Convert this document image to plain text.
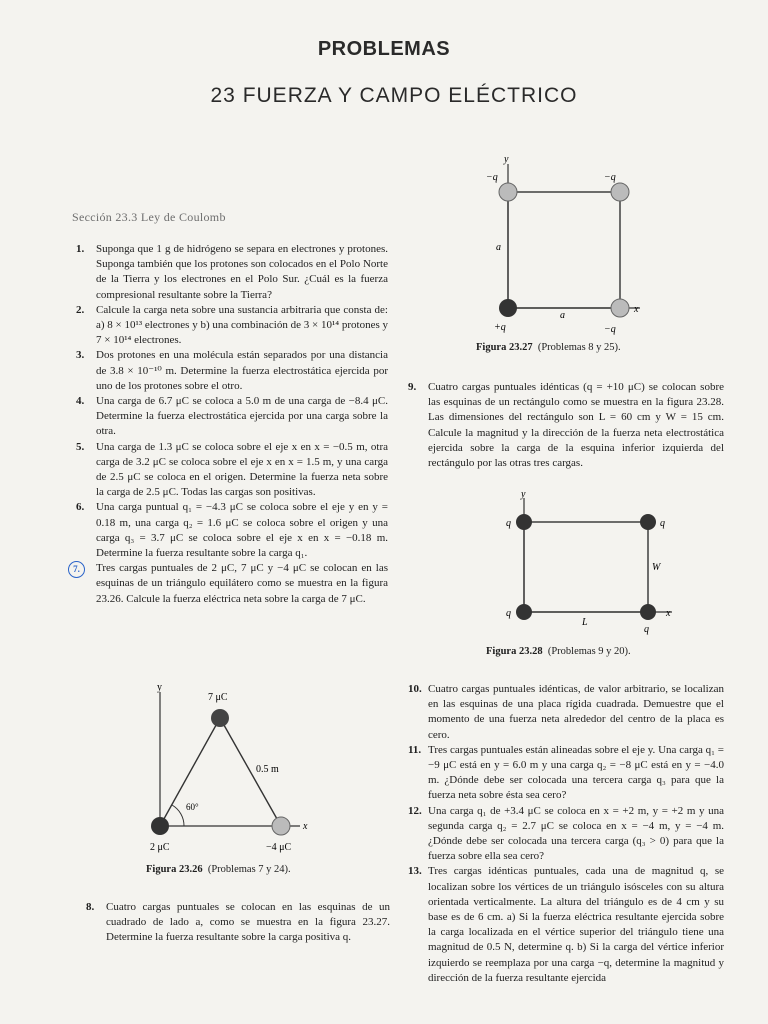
PROBLEMAS
23 FUERZA Y CAMPO ELÉCTRICO
Sección 23.3 Ley de Coulomb
1.	Suponga que 1 g de hidrógeno se separa en electrones y protones. Suponga también que los protones son colocados en el Polo Norte de la Tierra y los electrones en el Polo Sur. ¿Cuál es la fuerza compresional resultante sobre la Tierra?
2.	Calcule la carga neta sobre una sustancia arbitraria que consta de: a) 8 × 10¹³ electrones y b) una combinación de 3 × 10¹⁴ protones y 7 × 10¹⁴ electrones.
3.	Dos protones en una molécula están separados por una distancia de 3.8 × 10⁻¹⁰ m. Determine la fuerza electrostática ejercida por uno de los protones sobre el otro.
4.	Una carga de 6.7 μC se coloca a 5.0 m de una carga de −8.4 μC. Determine la fuerza electrostática ejercida por una carga sobre la otra.
5.	Una carga de 1.3 μC se coloca sobre el eje x en x = −0.5 m, otra carga de 3.2 μC se coloca sobre el eje x en x = 1.5 m, y una carga de 2.5 μC se coloca en el origen. Determine la fuerza neta sobre la carga de 2.5 μC. Todas las cargas son positivas.
6.	Una carga puntual q₁ = −4.3 μC se coloca sobre el eje y en y = 0.18 m, una carga q₂ = 1.6 μC se coloca sobre el origen y una carga q₃ = 3.7 μC se coloca sobre el eje x en x = −0.18 m. Determine la fuerza resultante sobre la carga q₁.
7.	Tres cargas puntuales de 2 μC, 7 μC y −4 μC se colocan en las esquinas de un triángulo equilátero como se muestra en la figura 23.26. Calcule la fuerza eléctrica neta sobre la carga de 7 μC.
y
x
7 μC
2 μC	−4 μC
0.5 m
60°
Figura 23.26 (Problemas 7 y 24).
8.	Cuatro cargas puntuales se colocan en las esquinas de un cuadrado de lado a, como se muestra en la figura 23.27. Determine la fuerza resultante sobre la carga positiva q.
y
x
−q	−q
+q	−q
a
a
Figura 23.27 (Problemas 8 y 25).
9.	Cuatro cargas puntuales idénticas (q = +10 μC) se colocan sobre las esquinas de un rectángulo como se muestra en la figura 23.28. Las dimensiones del rectángulo son L = 60 cm y W = 15 cm. Calcule la magnitud y la dirección de la fuerza neta electrostática ejercida sobre la carga de la esquina inferior izquierda del rectángulo por las otras tres cargas.
y
x
q	q
q
q
W
L
Figura 23.28 (Problemas 9 y 20).
10. Cuatro cargas puntuales idénticas, de valor arbitrario, se localizan en las esquinas de una placa rígida cuadrada. Demuestre que el momento de una fuerza neta alrededor del centro de la placa es cero.
11. Tres cargas puntuales están alineadas sobre el eje y. Una carga q₁ = −9 μC está en y = 6.0 m y una carga q₂ = −8 μC está en y = −4.0 m. ¿Dónde debe ser colocada una tercera carga q₃ para que la fuerza neta sobre ésta sea cero?
12. Una carga q₁ de +3.4 μC se coloca en x = +2 m, y = +2 m y una segunda carga q₂ = 2.7 μC se coloca en x = −4 m, y = −4 m. ¿Dónde debe ser colocada una tercera carga (q₃ > 0) para que la fuerza sobre ella sea cero?
13. Tres cargas idénticas puntuales, cada una de magnitud q, se localizan sobre los vértices de un triángulo isósceles con su altura orientada verticalmente. La altura del triángulo es de 4 cm y su base es de 6 cm. a) Si la fuerza eléctrica resultante ejercida sobre la carga localizada en el vértice superior del triángulo tiene una magnitud de 0.5 N, determine q. b) Si la carga del vértice inferior izquierdo se reemplaza por una carga −q, determine la magnitud y dirección de la fuerza resultante ejercida
